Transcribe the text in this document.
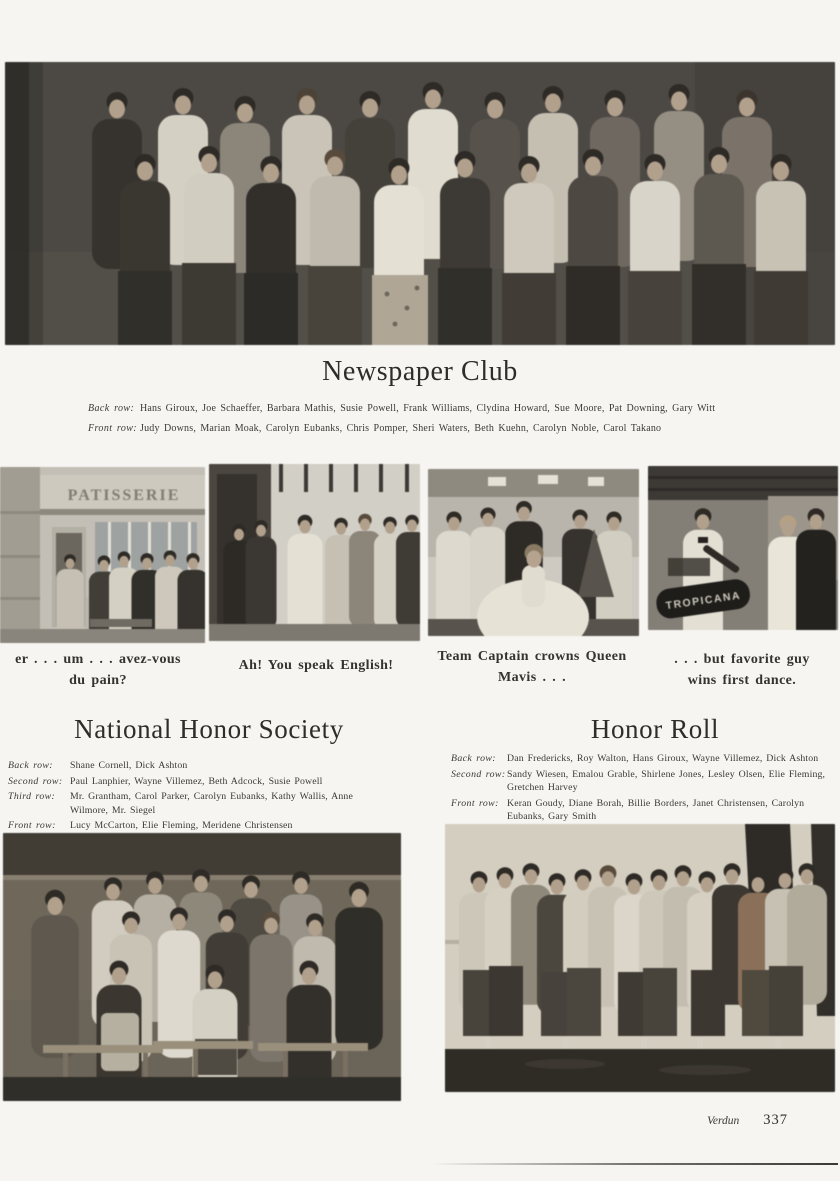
Newspaper Club
Back row: Hans Giroux, Joe Schaeffer, Barbara Mathis, Susie Powell, Frank Williams, Clydina Howard, Sue Moore, Pat Downing, Gary Witt
Front row: Judy Downs, Marian Moak, Carolyn Eubanks, Chris Pomper, Sheri Waters, Beth Kuehn, Carolyn Noble, Carol Takano
PATISSERIE
TROPICANA
er . . . um . . . avez-vous
du pain?
Ah! You speak English!
Team Captain crowns Queen
Mavis . . .
. . . but favorite guy
wins first dance.
National Honor Society
Back row:	Shane Cornell, Dick Ashton
Second row: Paul Lanphier, Wayne Villemez, Beth Adcock, Susie Powell
Third row:	Mr. Grantham, Carol Parker, Carolyn Eubanks, Kathy Wallis, Anne Wilmore, Mr. Siegel
Front row:	Lucy McCarton, Elie Fleming, Meridene Christensen
Honor Roll
Back row:	Dan Fredericks, Roy Walton, Hans Giroux, Wayne Villemez, Dick Ashton
Second row: Sandy Wiesen, Emalou Grable, Shirlene Jones, Lesley Olsen, Elie Fleming, Gretchen Harvey
Front row: Keran Goudy, Diane Borah, Billie Borders, Janet Christensen, Carolyn Eubanks, Gary Smith
Verdun 337
